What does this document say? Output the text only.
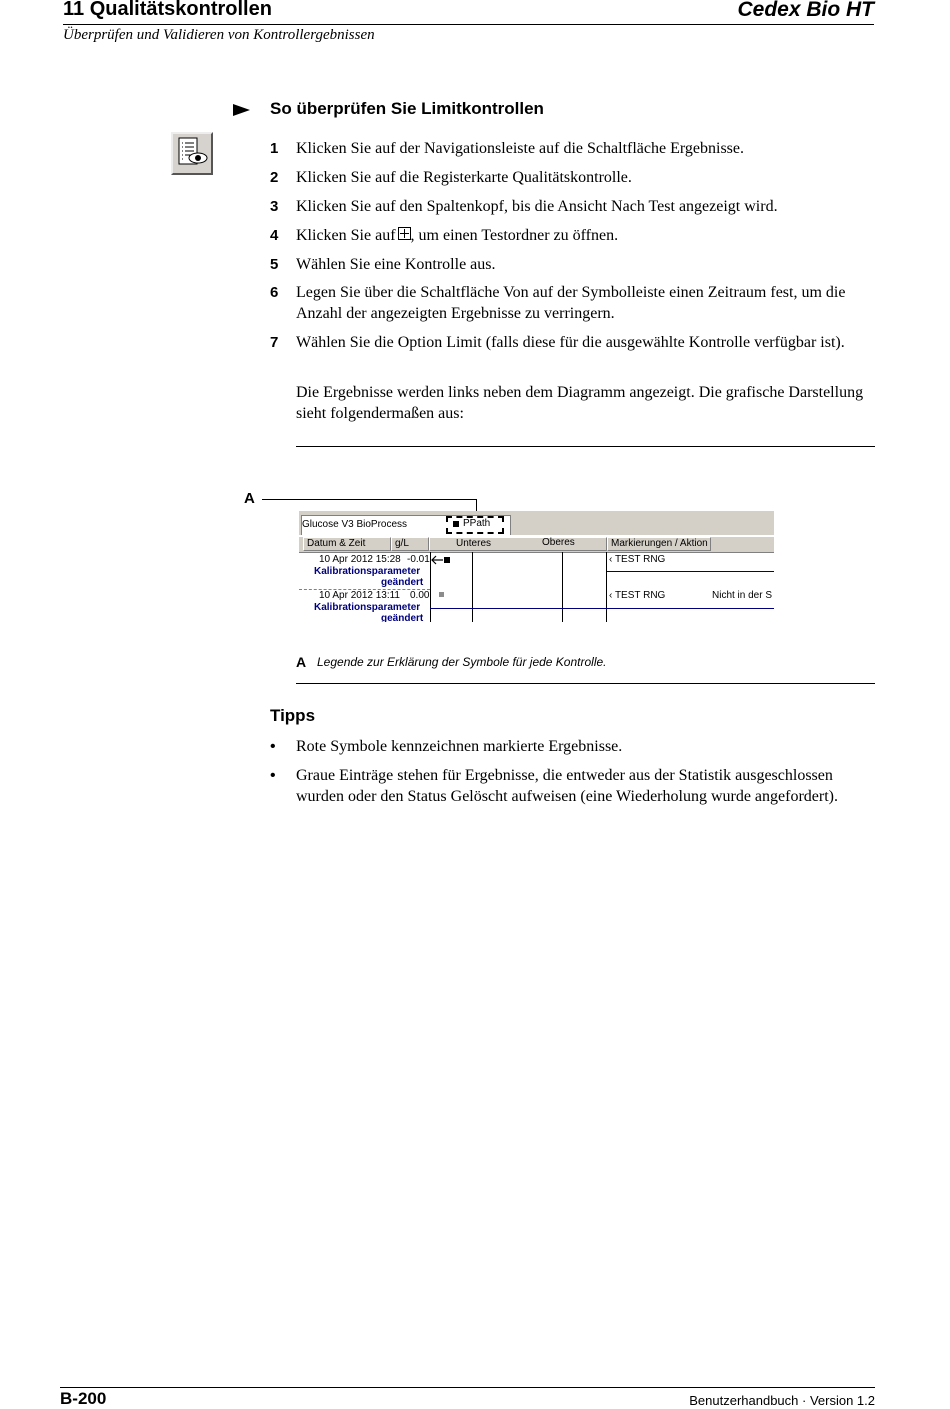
11 Qualitätskontrollen	Cedex Bio HT
Überprüfen und Validieren von Kontrollergebnissen
So überprüfen Sie Limitkontrollen
1 Klicken Sie auf der Navigationsleiste auf die Schaltfläche Ergebnisse.
2 Klicken Sie auf die Registerkarte Qualitätskontrolle.
3 Klicken Sie auf den Spaltenkopf, bis die Ansicht Nach Test angezeigt wird.
4 Klicken Sie auf , um einen Testordner zu öffnen.
5 Wählen Sie eine Kontrolle aus.
6 Legen Sie über die Schaltfläche Von auf der Symbolleiste einen Zeitraum fest, um die Anzahl der angezeigten Ergebnisse zu verringern.
7 Wählen Sie die Option Limit (falls diese für die ausgewählte Kontrolle verfügbar ist).
Die Ergebnisse werden links neben dem Diagramm angezeigt. Die grafische Darstellung sieht folgendermaßen aus:
A
Glucose V3 BioProcess	PPath
Datum & Zeit	g/L	Unteres	Oberes	Markierungen / Aktion
10 Apr 2012 15:28 -0.01	‹ TEST RNG
Kalibrationsparameter
geändert
10 Apr 2012 13:11 0.00	‹ TEST RNG	Nicht in der S
Kalibrationsparameter
geändert
A Legende zur Erklärung der Symbole für jede Kontrolle.
Tipps
• Rote Symbole kennzeichnen markierte Ergebnisse.
• Graue Einträge stehen für Ergebnisse, die entweder aus der Statistik ausgeschlossen wurden oder den Status Gelöscht aufweisen (eine Wiederholung wurde angefordert).
B-200	Benutzerhandbuch · Version 1.2
